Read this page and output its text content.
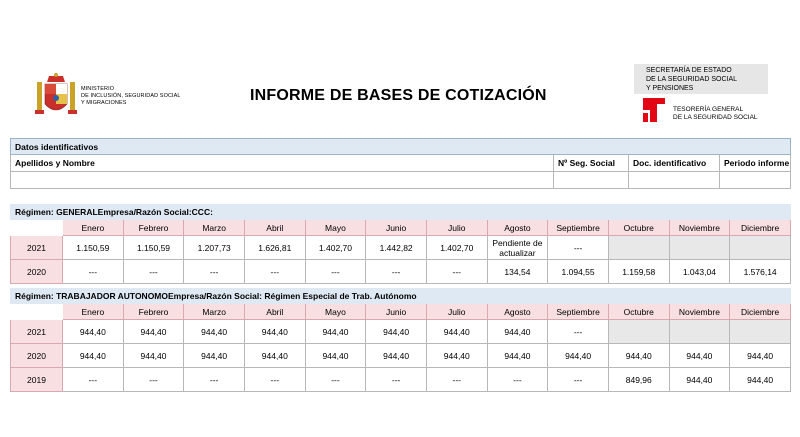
MINISTERIO
DE INCLUSIÓN, SEGURIDAD SOCIAL
Y MIGRACIONES	INFORME DE BASES DE COTIZACIÓN
SECRETARÍA DE ESTADO
DE LA SEGURIDAD SOCIAL
Y PENSIONES
TESORERÍA GENERAL
DE LA SEGURIDAD SOCIAL
Datos identificativos			
Apellidos y Nombre	Nº Seg. Social	Doc. identificativo	Periodo informe

Régimen: GENERALEmpresa/Razón Social:CCC:												
	Enero	Febrero	Marzo	Abril	Mayo	Junio	Julio	Agosto	Septiembre	Octubre	Noviembre	Diciembre
2021	1.150,59	1.150,59	1.207,73	1.626,81	1.402,70	1.442,82	1.402,70	Pendiente de actualizar	---			
2020	---	---	---	---	---	---	---	134,54	1.094,55	1.159,58	1.043,04	1.576,14
Régimen: TRABAJADOR AUTONOMOEmpresa/Razón Social: Régimen Especial de Trab. Autónomo												
	Enero	Febrero	Marzo	Abril	Mayo	Junio	Julio	Agosto	Septiembre	Octubre	Noviembre	Diciembre
2021	944,40	944,40	944,40	944,40	944,40	944,40	944,40	944,40	---			
2020	944,40	944,40	944,40	944,40	944,40	944,40	944,40	944,40	944,40	944,40	944,40	944,40
2019	---	---	---	---	---	---	---	---	---	849,96	944,40	944,40
